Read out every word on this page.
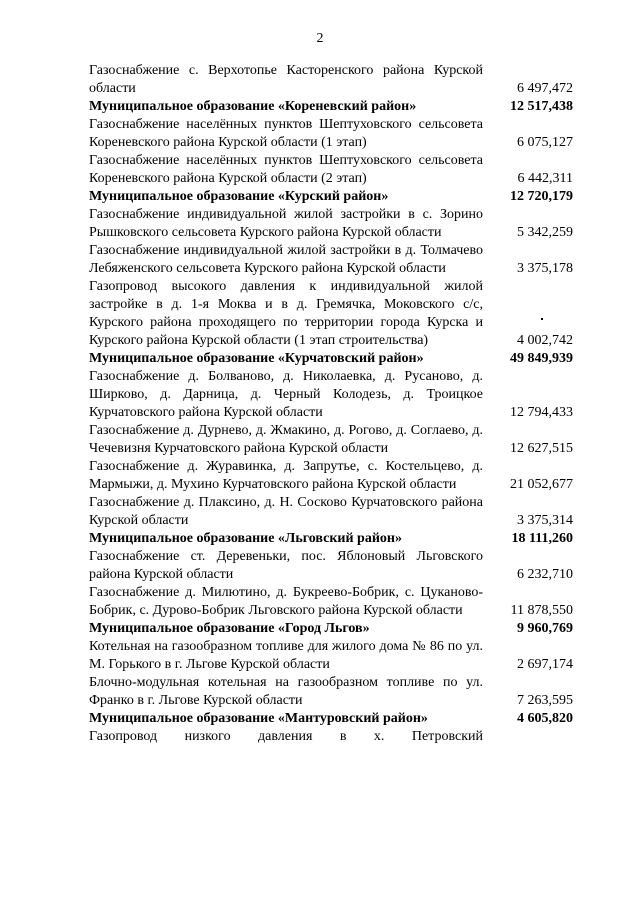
2
Газоснабжение с. Верхотопье Касторенского района Курской области	6 497,472
Муниципальное образование «Кореневский район»	12 517,438
Газоснабжение населённых пунктов Шептуховского сельсовета Кореневского района Курской области (1 этап)	6 075,127
Газоснабжение населённых пунктов Шептуховского сельсовета Кореневского района Курской области (2 этап)	6 442,311
Муниципальное образование «Курский район»	12 720,179
Газоснабжение индивидуальной жилой застройки в с. Зорино Рышковского сельсовета Курского района Курской области	5 342,259
Газоснабжение индивидуальной жилой застройки в д. Толмачево Лебяженского сельсовета Курского района Курской области	3 375,178
Газопровод высокого давления к индивидуальной жилой застройке в д. 1-я Моква и в д. Гремячка, Моковского с/с, Курского района проходящего по территории города Курска и Курского района Курской области (1 этап строительства)	4 002,742
Муниципальное образование «Курчатовский район»	49 849,939
Газоснабжение д. Болваново, д. Николаевка, д. Русаново, д. Ширково, д. Дарница, д. Черный Колодезь, д. Троицкое Курчатовского района Курской области	12 794,433
Газоснабжение д. Дурнево, д. Жмакино, д. Рогово, д. Соглаево, д. Чечевизня Курчатовского района Курской области	12 627,515
Газоснабжение д. Журавинка, д. Запрутье, с. Костельцево, д. Мармыжи, д. Мухино Курчатовского района Курской области	21 052,677
Газоснабжение д. Плаксино, д. Н. Сосково Курчатовского района Курской области	3 375,314
Муниципальное образование «Льговский район»	18 111,260
Газоснабжение ст. Деревеньки, пос. Яблоновый Льговского района Курской области	6 232,710
Газоснабжение д. Милютино, д. Букреево-Бобрик, с. Цуканово-Бобрик, с. Дурово-Бобрик Льговского района Курской области	11 878,550
Муниципальное образование «Город Льгов»	9 960,769
Котельная на газообразном топливе для жилого дома № 86 по ул. М. Горького в г. Льгове Курской области	2 697,174
Блочно-модульная котельная на газообразном топливе по ул. Франко в г. Льгове Курской области	7 263,595
Муниципальное образование «Мантуровский район»	4 605,820
Газопровод низкого давления в х. Петровский
